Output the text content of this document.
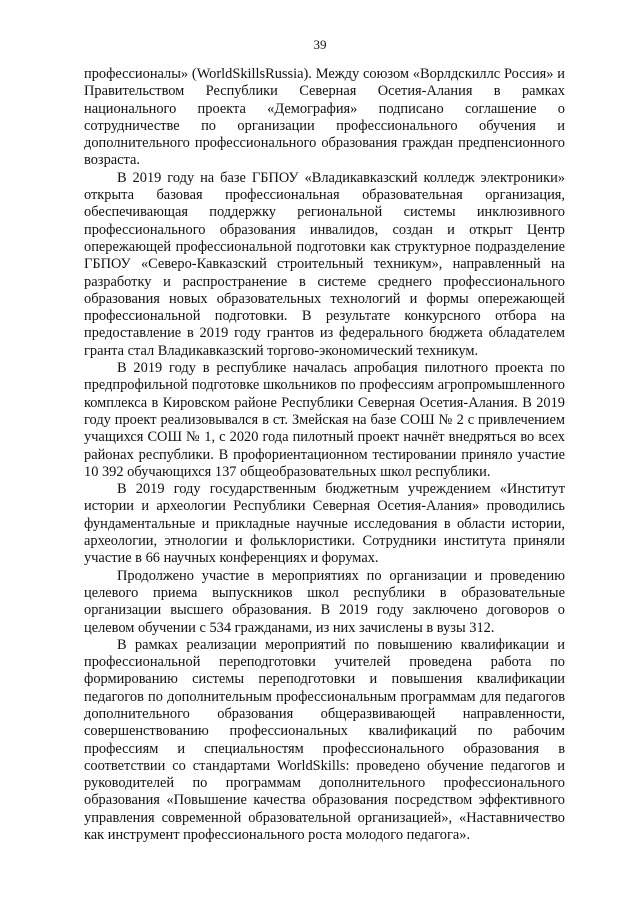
39

профессионалы» (WorldSkillsRussia). Между союзом «Ворлдскиллс Россия» и Правительством Республики Северная Осетия-Алания в рамках национального проекта «Демография» подписано соглашение о сотрудничестве по организации профессионального обучения и дополнительного профессионального образования граждан предпенсионного возраста.

В 2019 году на базе ГБПОУ «Владикавказский колледж электроники» открыта базовая профессиональная образовательная организация, обеспечивающая поддержку региональной системы инклюзивного профессионального образования инвалидов, создан и открыт Центр опережающей профессиональной подготовки как структурное подразделение ГБПОУ «Северо-Кавказский строительный техникум», направленный на разработку и распространение в системе среднего профессионального образования новых образовательных технологий и формы опережающей профессиональной подготовки. В результате конкурсного отбора на предоставление в 2019 году грантов из федерального бюджета обладателем гранта стал Владикавказский торгово-экономический техникум.

В 2019 году в республике началась апробация пилотного проекта по предпрофильной подготовке школьников по профессиям агропромышленного комплекса в Кировском районе Республики Северная Осетия-Алания. В 2019 году проект реализовывался в ст. Змейская на базе СОШ № 2 с привлечением учащихся СОШ № 1, с 2020 года пилотный проект начнёт внедряться во всех районах республики. В профориентационном тестировании приняло участие 10 392 обучающихся 137 общеобразовательных школ республики.

В 2019 году государственным бюджетным учреждением «Институт истории и археологии Республики Северная Осетия-Алания» проводились фундаментальные и прикладные научные исследования в области истории, археологии, этнологии и фольклористики. Сотрудники института приняли участие в 66 научных конференциях и форумах.

Продолжено участие в мероприятиях по организации и проведению целевого приема выпускников школ республики в образовательные организации высшего образования. В 2019 году заключено договоров о целевом обучении с 534 гражданами, из них зачислены в вузы 312.

В рамках реализации мероприятий по повышению квалификации и профессиональной переподготовки учителей проведена работа по формированию системы переподготовки и повышения квалификации педагогов по дополнительным профессиональным программам для педагогов дополнительного образования общеразвивающей направленности, совершенствованию профессиональных квалификаций по рабочим профессиям и специальностям профессионального образования в соответствии со стандартами WorldSkills: проведено обучение педагогов и руководителей по программам дополнительного профессионального образования «Повышение качества образования посредством эффективного управления современной образовательной организацией», «Наставничество как инструмент профессионального роста молодого педагога».
